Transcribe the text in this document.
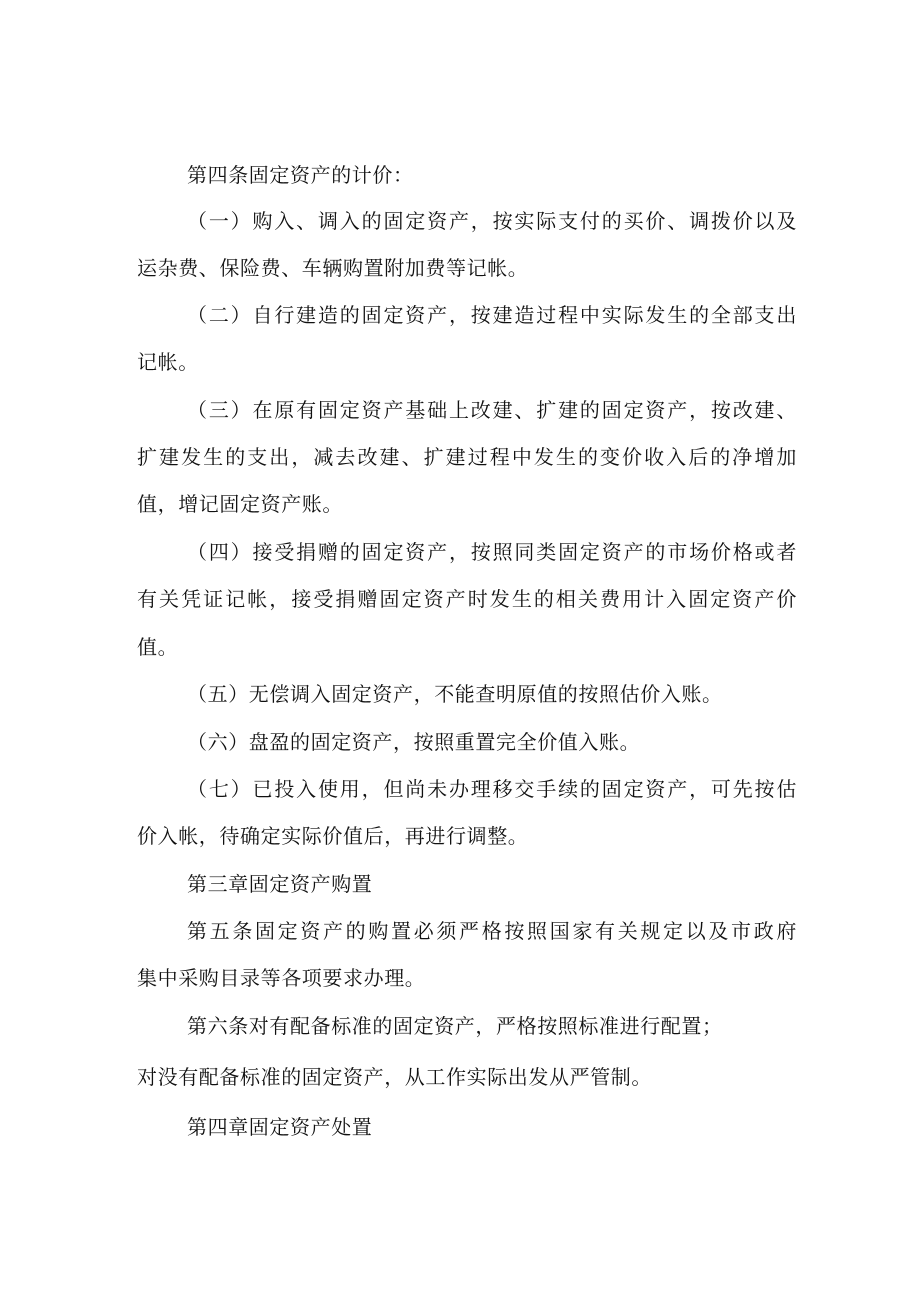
第四条固定资产的计价：
（一）购入、调入的固定资产，按实际支付的买价、调拨价以及
运杂费、保险费、车辆购置附加费等记帐。
（二）自行建造的固定资产，按建造过程中实际发生的全部支出
记帐。
（三）在原有固定资产基础上改建、扩建的固定资产，按改建、
扩建发生的支出，减去改建、扩建过程中发生的变价收入后的净增加
值，增记固定资产账。
（四）接受捐赠的固定资产，按照同类固定资产的市场价格或者
有关凭证记帐，接受捐赠固定资产时发生的相关费用计入固定资产价
值。
（五）无偿调入固定资产，不能查明原值的按照估价入账。
（六）盘盈的固定资产，按照重置完全价值入账。
（七）已投入使用，但尚未办理移交手续的固定资产，可先按估
价入帐，待确定实际价值后，再进行调整。
第三章固定资产购置
第五条固定资产的购置必须严格按照国家有关规定以及市政府
集中采购目录等各项要求办理。
第六条对有配备标准的固定资产，严格按照标准进行配置；
对没有配备标准的固定资产，从工作实际出发从严管制。
第四章固定资产处置
